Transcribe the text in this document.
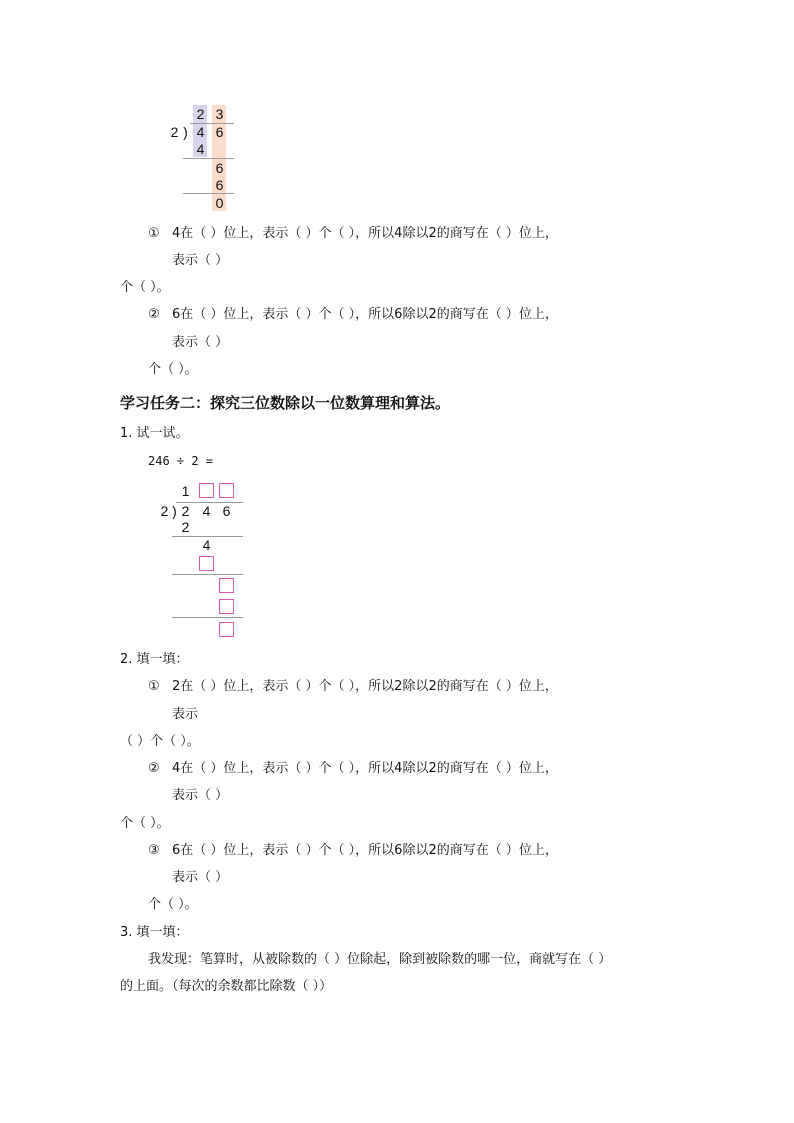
2 3
2 ) 4 6
4
6
6
0
① 4在（ ）位上，表示（ ）个（ ），所以4除以2的商写在（ ）位上，
表示（ ）
个（ ）。
② 6在（ ）位上，表示（ ）个（ ），所以6除以2的商写在（ ）位上，
表示（ ）
个（ ）。
学习任务二：探究三位数除以一位数算理和算法。
1. 试一试。
246 ÷ 2 =
1
2 ) 2 4 6
2
4
2. 填一填：
① 2在（ ）位上，表示（ ）个（ ），所以2除以2的商写在（ ）位上，
表示
（ ）个（ ）。
② 4在（ ）位上，表示（ ）个（ ），所以4除以2的商写在（ ）位上，
表示（ ）
个（ ）。
③ 6在（ ）位上，表示（ ）个（ ），所以6除以2的商写在（ ）位上，
表示（ ）
个（ ）。
3. 填一填：
我发现：笔算时，从被除数的（ ）位除起，除到被除数的哪一位，商就写在（ ）
的上面。（每次的余数都比除数（ ））
